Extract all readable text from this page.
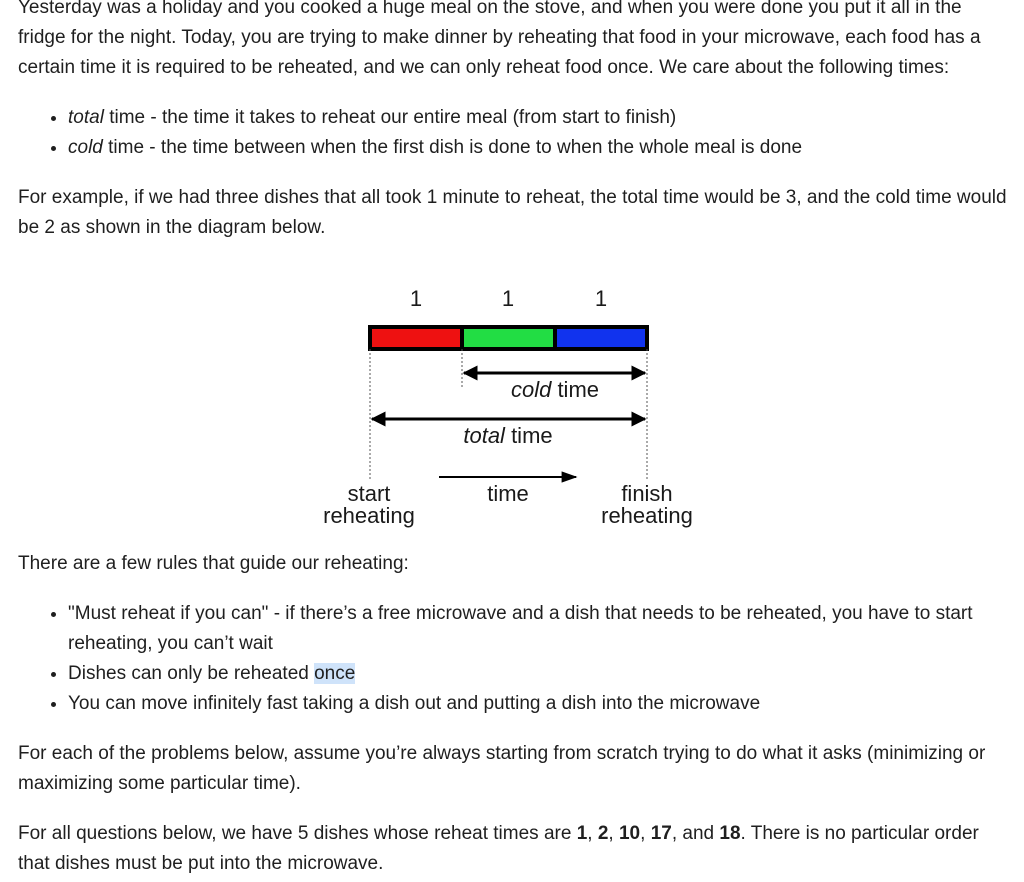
Yesterday was a holiday and you cooked a huge meal on the stove, and when you were done you put it all in the fridge for the night. Today, you are trying to make dinner by reheating that food in your microwave, each food has a certain time it is required to be reheated, and we can only reheat food once. We care about the following times:

• total time - the time it takes to reheat our entire meal (from start to finish)
• cold time - the time between when the first dish is done to when the whole meal is done

For example, if we had three dishes that all took 1 minute to reheat, the total time would be 3, and the cold time would be 2 as shown in the diagram below.

1	1	1
cold time
total time
time
start
reheating
finish
reheating

There are a few rules that guide our reheating:

• "Must reheat if you can" - if there’s a free microwave and a dish that needs to be reheated, you have to start reheating, you can’t wait
• Dishes can only be reheated once
• You can move infinitely fast taking a dish out and putting a dish into the microwave

For each of the problems below, assume you’re always starting from scratch trying to do what it asks (minimizing or maximizing some particular time).

For all questions below, we have 5 dishes whose reheat times are 1, 2, 10, 17, and 18. There is no particular order that dishes must be put into the microwave.
